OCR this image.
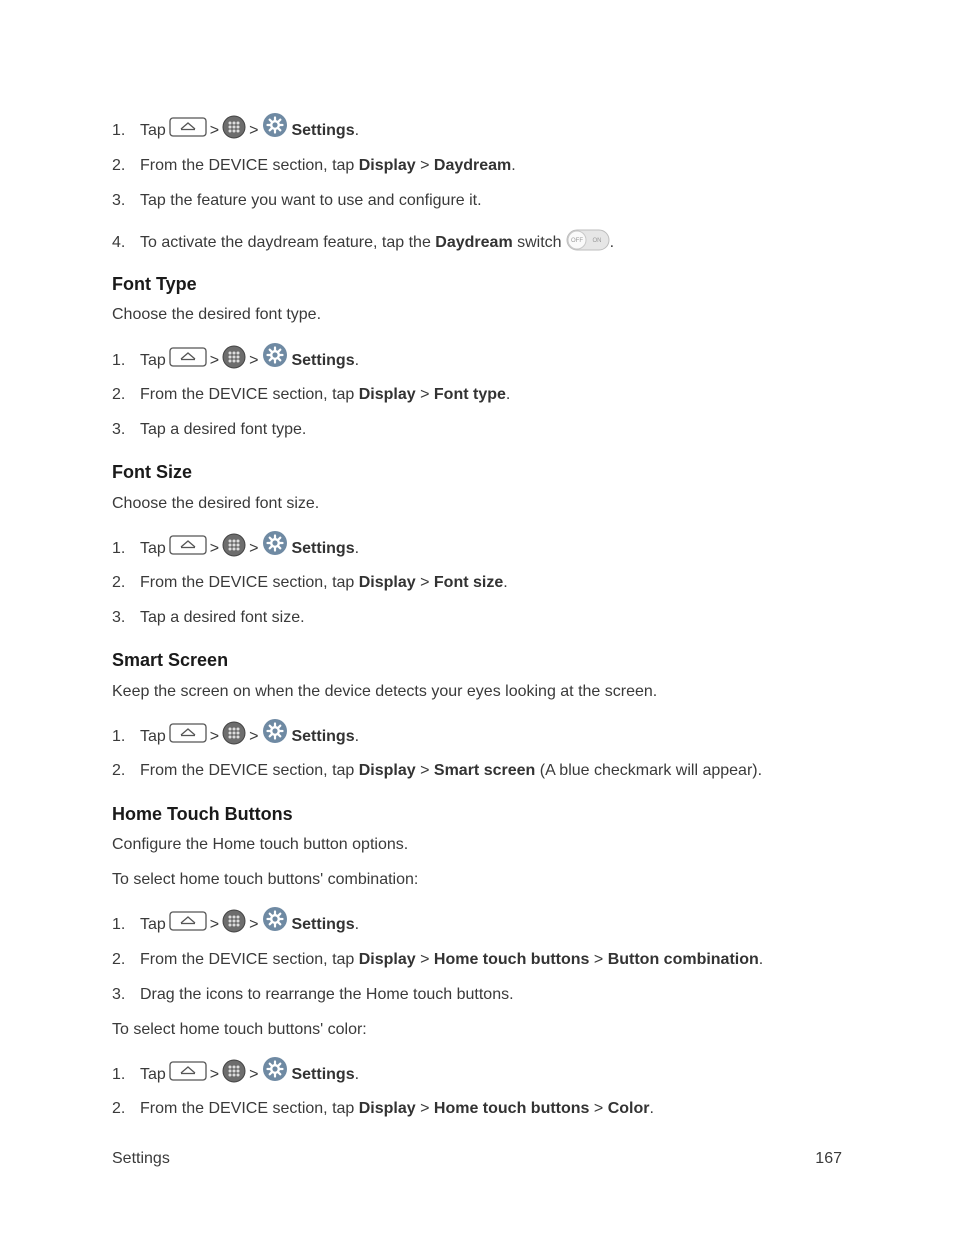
1. Tap	> > Settings .
2. From the DEVICE section, tap Display > Daydream .
3. Tap the feature you want to use and configure it.
4. To activate the daydream feature, tap the Daydream switch OFF ON .
Font Type
Choose the desired font type.
1. Tap	> > Settings .
2. From the DEVICE section, tap Display > Font type .
3. Tap a desired font type.
Font Size
Choose the desired font size.
1. Tap	> > Settings .
2. From the DEVICE section, tap Display > Font size .
3. Tap a desired font size.
Smart Screen
Keep the screen on when the device detects your eyes looking at the screen.
1. Tap	> > Settings .
2. From the DEVICE section, tap Display > Smart screen (A blue checkmark will appear).
Home Touch Buttons
Configure the Home touch button options.
To select home touch buttons' combination:
1. Tap	> > Settings .
2. From the DEVICE section, tap Display > Home touch buttons > Button combination .
3. Drag the icons to rearrange the Home touch buttons.
To select home touch buttons' color:
1. Tap	> > Settings .
2. From the DEVICE section, tap Display > Home touch buttons > Color .
Settings	167
